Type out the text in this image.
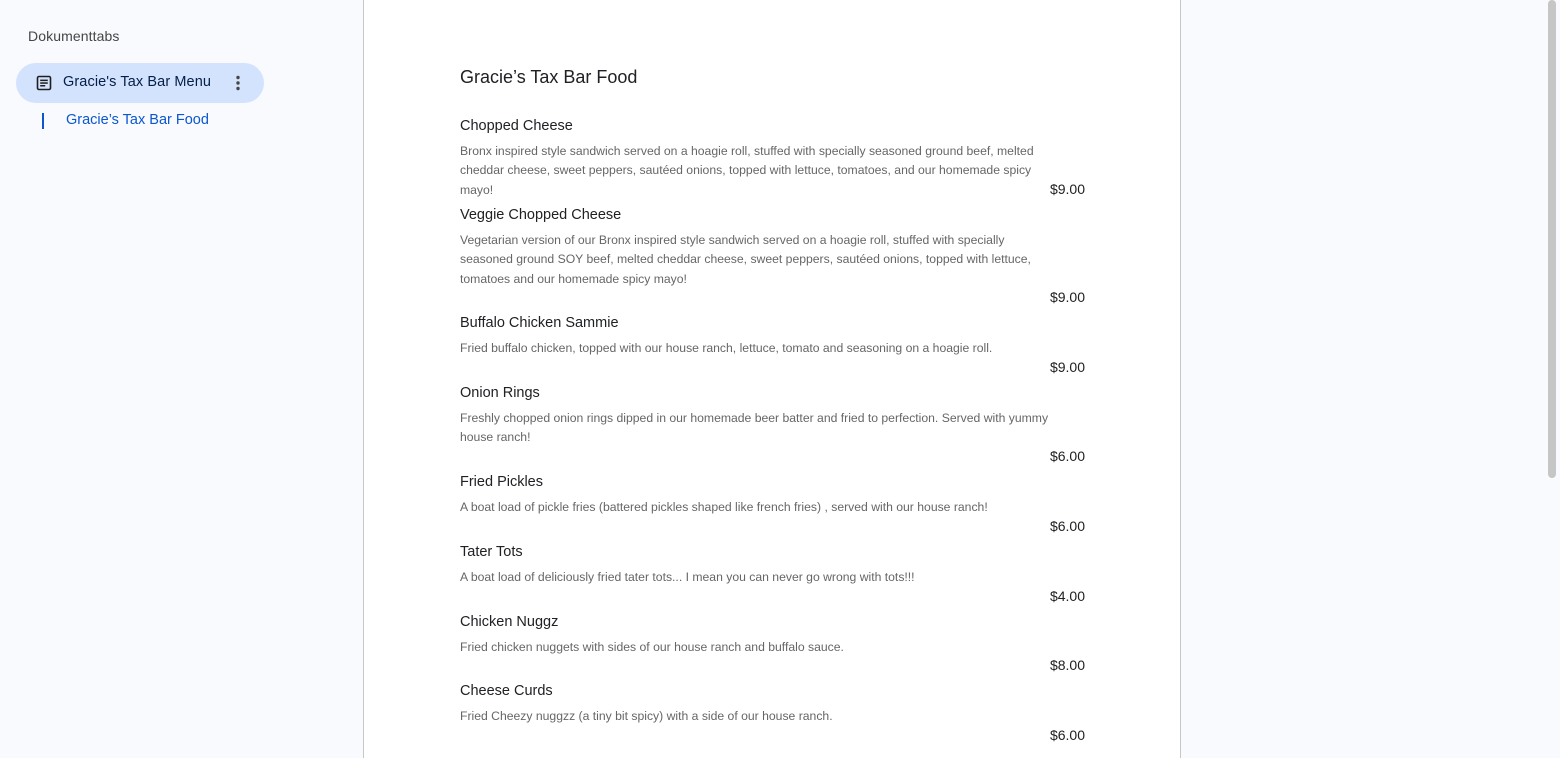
Dokumenttabs
Gracie's Tax Bar Menu
Gracie’s Tax Bar Food
Gracie’s Tax Bar Food
Chopped Cheese
Bronx inspired style sandwich served on a hoagie roll, stuffed with specially seasoned ground beef, melted cheddar cheese, sweet peppers, sautéed onions, topped with lettuce, tomatoes, and our homemade spicy mayo!	$9.00
Veggie Chopped Cheese
Vegetarian version of our Bronx inspired style sandwich served on a hoagie roll, stuffed with specially seasoned ground SOY beef, melted cheddar cheese, sweet peppers, sautéed onions, topped with lettuce, tomatoes and our homemade spicy mayo!
$9.00
Buffalo Chicken Sammie
Fried buffalo chicken, topped with our house ranch, lettuce, tomato and seasoning on a hoagie roll.
$9.00
Onion Rings
Freshly chopped onion rings dipped in our homemade beer batter and fried to perfection. Served with yummy house ranch!
$6.00
Fried Pickles
A boat load of pickle fries (battered pickles shaped like french fries) , served with our house ranch!
$6.00
Tater Tots
A boat load of deliciously fried tater tots... I mean you can never go wrong with tots!!!
$4.00
Chicken Nuggz
Fried chicken nuggets with sides of our house ranch and buffalo sauce.
$8.00
Cheese Curds
Fried Cheezy nuggzz (a tiny bit spicy) with a side of our house ranch.
$6.00
